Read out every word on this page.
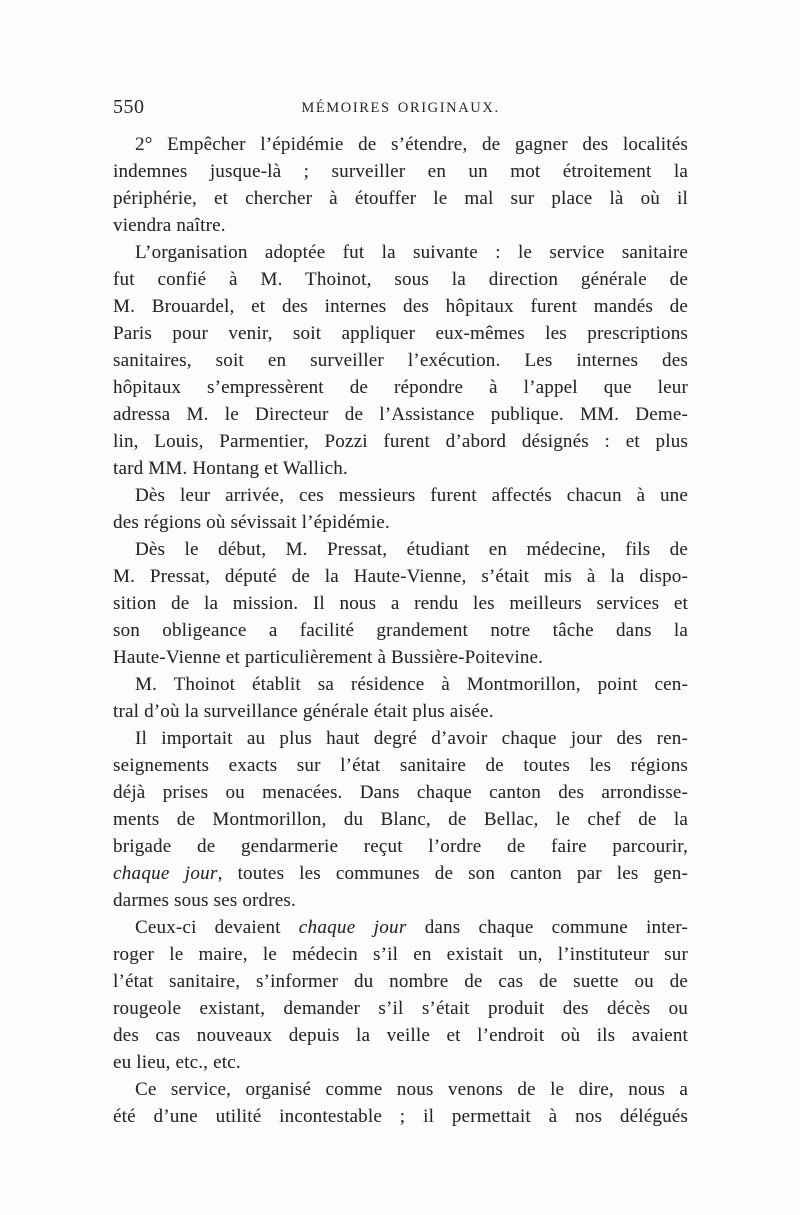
550	MÉMOIRES ORIGINAUX.
2° Empêcher l’épidémie de s’étendre, de gagner des localités
indemnes jusque-là ; surveiller en un mot étroitement la
périphérie, et chercher à étouffer le mal sur place là où il
viendra naître.
L’organisation adoptée fut la suivante : le service sanitaire
fut confié à M. Thoinot, sous la direction générale de
M. Brouardel, et des internes des hôpitaux furent mandés de
Paris pour venir, soit appliquer eux-mêmes les prescriptions
sanitaires, soit en surveiller l’exécution. Les internes des
hôpitaux s’empressèrent de répondre à l’appel que leur
adressa M. le Directeur de l’Assistance publique. MM. Deme-
lin, Louis, Parmentier, Pozzi furent d’abord désignés : et plus
tard MM. Hontang et Wallich.
Dès leur arrivée, ces messieurs furent affectés chacun à une
des régions où sévissait l’épidémie.
Dès le début, M. Pressat, étudiant en médecine, fils de
M. Pressat, député de la Haute-Vienne, s’était mis à la dispo-
sition de la mission. Il nous a rendu les meilleurs services et
son obligeance a facilité grandement notre tâche dans la
Haute-Vienne et particulièrement à Bussière-Poitevine.
M. Thoinot établit sa résidence à Montmorillon, point cen-
tral d’où la surveillance générale était plus aisée.
Il importait au plus haut degré d’avoir chaque jour des ren-
seignements exacts sur l’état sanitaire de toutes les régions
déjà prises ou menacées. Dans chaque canton des arrondisse-
ments de Montmorillon, du Blanc, de Bellac, le chef de la
brigade de gendarmerie reçut l’ordre de faire parcourir,
chaque jour, toutes les communes de son canton par les gen-
darmes sous ses ordres.
Ceux-ci devaient chaque jour dans chaque commune inter-
roger le maire, le médecin s’il en existait un, l’instituteur sur
l’état sanitaire, s’informer du nombre de cas de suette ou de
rougeole existant, demander s’il s’était produit des décès ou
des cas nouveaux depuis la veille et l’endroit où ils avaient
eu lieu, etc., etc.
Ce service, organisé comme nous venons de le dire, nous a
été d’une utilité incontestable ; il permettait à nos délégués
